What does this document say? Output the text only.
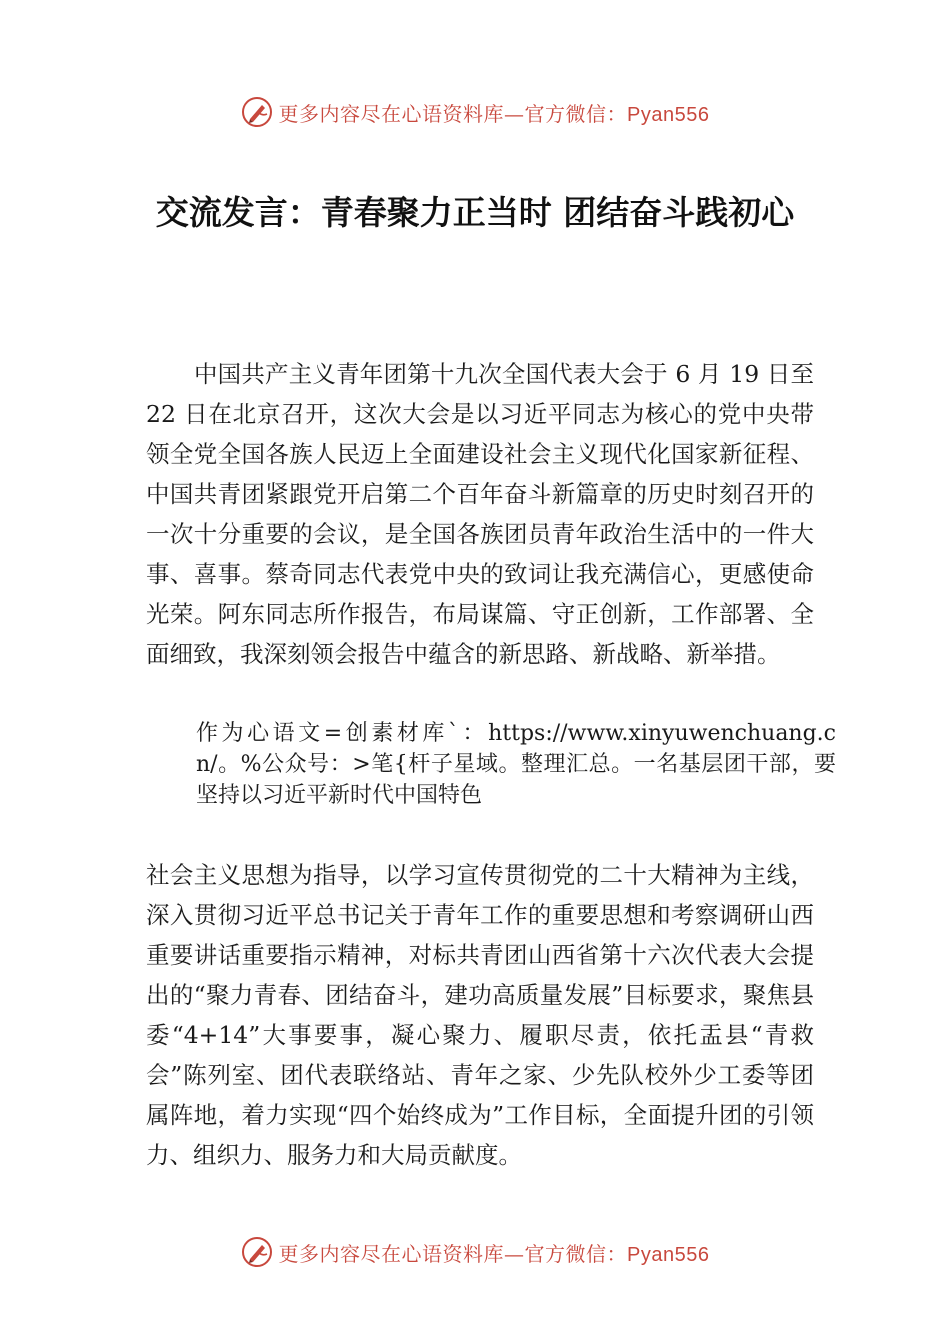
更多内容尽在心语资料库—官方微信：Pyan556
交流发言：青春聚力正当时 团结奋斗践初心

中国共产主义青年团第十九次全国代表大会于 6 月 19 日至 22 日在北京召开，这次大会是以习近平同志为核心的党中央带领全党全国各族人民迈上全面建设社会主义现代化国家新征程、中国共青团紧跟党开启第二个百年奋斗新篇章的历史时刻召开的一次十分重要的会议，是全国各族团员青年政治生活中的一件大事、喜事。蔡奇同志代表党中央的致词让我充满信心，更感使命光荣。阿东同志所作报告，布局谋篇、守正创新，工作部署、全面细致，我深刻领会报告中蕴含的新思路、新战略、新举措。

作为心语文=创素材库`：https://www.xinyuwenchuang.cn/。%公众号：>笔{杆子星域。整理汇总。一名基层团干部，要坚持以习近平新时代中国特色

社会主义思想为指导，以学习宣传贯彻党的二十大精神为主线，深入贯彻习近平总书记关于青年工作的重要思想和考察调研山西重要讲话重要指示精神，对标共青团山西省第十六次代表大会提出的“聚力青春、团结奋斗，建功高质量发展”目标要求，聚焦县委“4+14”大事要事，凝心聚力、履职尽责，依托盂县“青救会”陈列室、团代表联络站、青年之家、少先队校外少工委等团属阵地，着力实现“四个始终成为”工作目标，全面提升团的引领力、组织力、服务力和大局贡献度。

更多内容尽在心语资料库—官方微信：Pyan556
